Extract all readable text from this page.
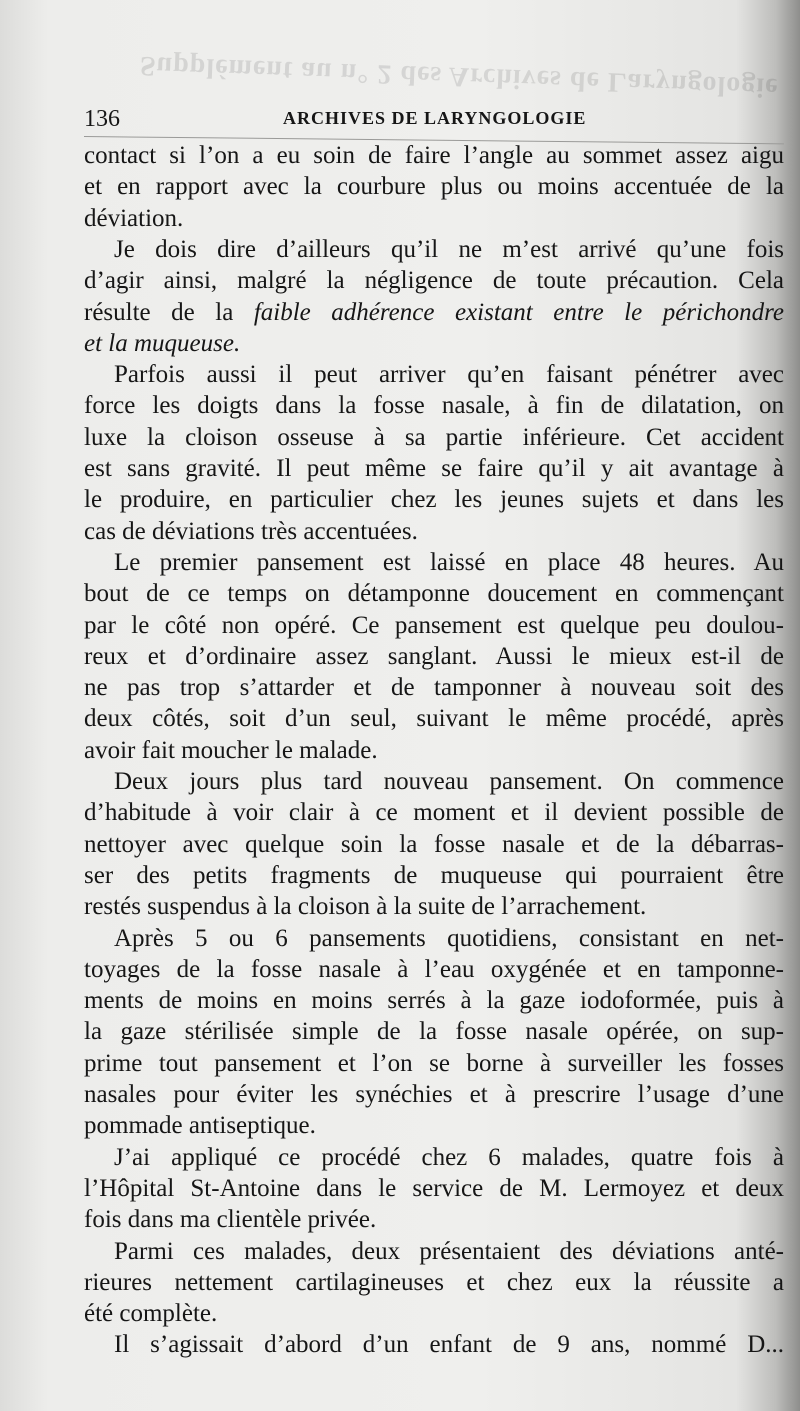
Supplément au n° 2 des Archives de Laryngologie
136	ARCHIVES DE LARYNGOLOGIE
contact si l’on a eu soin de faire l’angle au sommet assez aigu
et en rapport avec la courbure plus ou moins accentuée de la
déviation.
Je dois dire d’ailleurs qu’il ne m’est arrivé qu’une fois
d’agir ainsi, malgré la négligence de toute précaution. Cela
résulte de la faible adhérence existant entre le périchondre
et la muqueuse.
Parfois aussi il peut arriver qu’en faisant pénétrer avec
force les doigts dans la fosse nasale, à fin de dilatation, on
luxe la cloison osseuse à sa partie inférieure. Cet accident
est sans gravité. Il peut même se faire qu’il y ait avantage à
le produire, en particulier chez les jeunes sujets et dans les
cas de déviations très accentuées.
Le premier pansement est laissé en place 48 heures. Au
bout de ce temps on détamponne doucement en commençant
par le côté non opéré. Ce pansement est quelque peu doulou-
reux et d’ordinaire assez sanglant. Aussi le mieux est-il de
ne pas trop s’attarder et de tamponner à nouveau soit des
deux côtés, soit d’un seul, suivant le même procédé, après
avoir fait moucher le malade.
Deux jours plus tard nouveau pansement. On commence
d’habitude à voir clair à ce moment et il devient possible de
nettoyer avec quelque soin la fosse nasale et de la débarras-
ser des petits fragments de muqueuse qui pourraient être
restés suspendus à la cloison à la suite de l’arrachement.
Après 5 ou 6 pansements quotidiens, consistant en net-
toyages de la fosse nasale à l’eau oxygénée et en tamponne-
ments de moins en moins serrés à la gaze iodoformée, puis à
la gaze stérilisée simple de la fosse nasale opérée, on sup-
prime tout pansement et l’on se borne à surveiller les fosses
nasales pour éviter les synéchies et à prescrire l’usage d’une
pommade antiseptique.
J’ai appliqué ce procédé chez 6 malades, quatre fois à
l’Hôpital St-Antoine dans le service de M. Lermoyez et deux
fois dans ma clientèle privée.
Parmi ces malades, deux présentaient des déviations anté-
rieures nettement cartilagineuses et chez eux la réussite a
été complète.
Il s’agissait d’abord d’un enfant de 9 ans, nommé D...
